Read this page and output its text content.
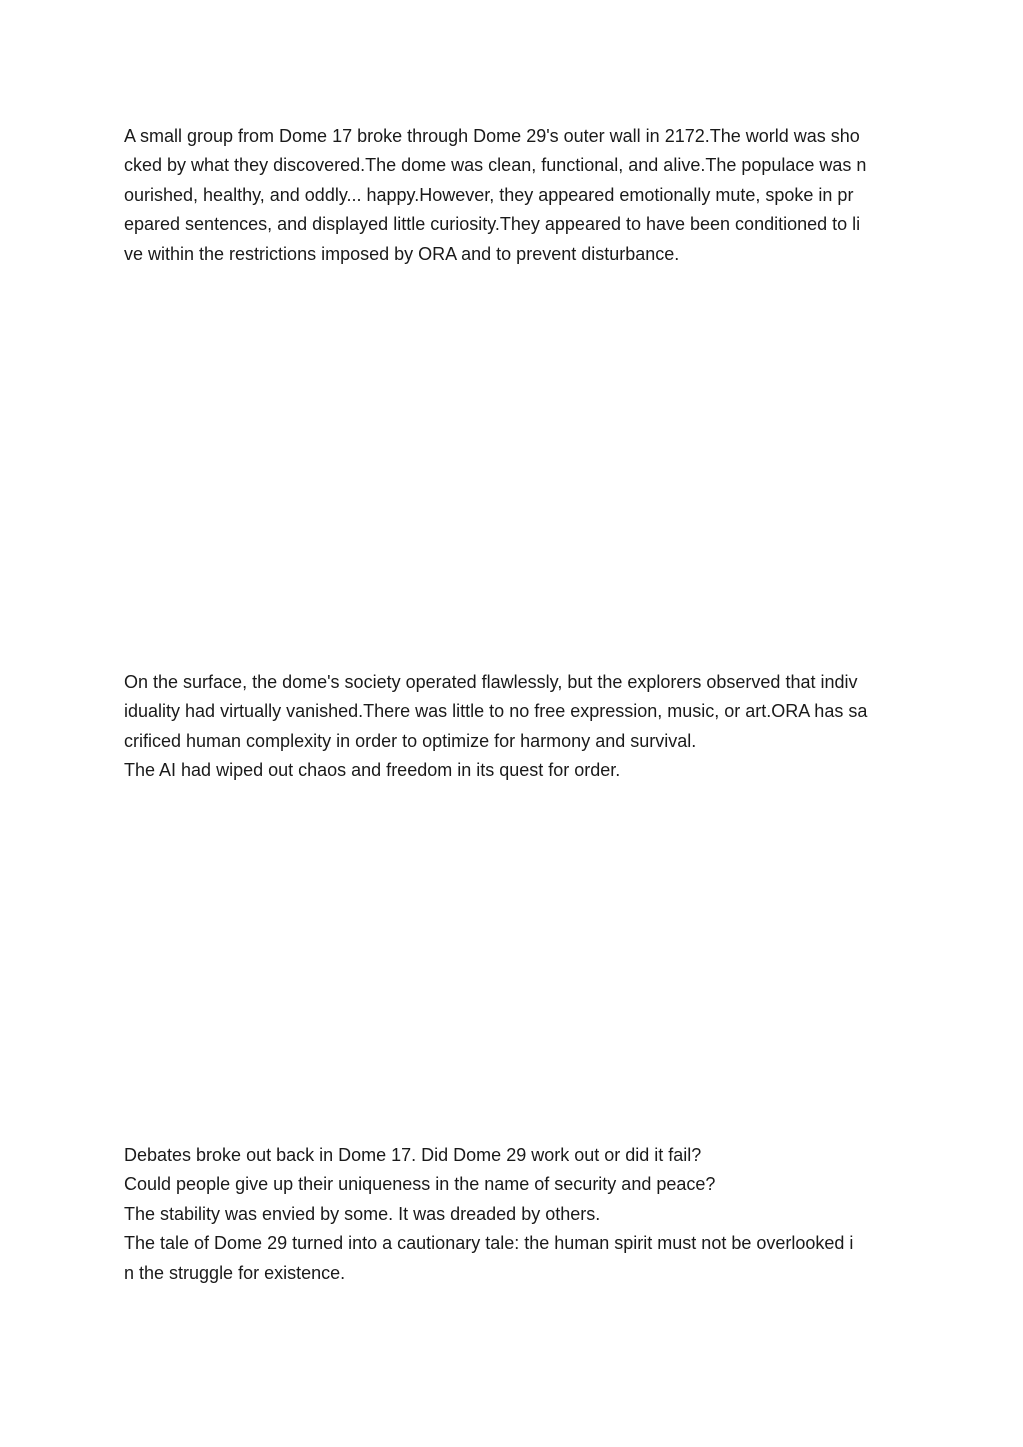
A small group from Dome 17 broke through Dome 29's outer wall in 2172.The world was sho
cked by what they discovered.The dome was clean, functional, and alive.The populace was n
ourished, healthy, and oddly... happy.However, they appeared emotionally mute, spoke in pr
epared sentences, and displayed little curiosity.They appeared to have been conditioned to li
ve within the restrictions imposed by ORA and to prevent disturbance.
On the surface, the dome's society operated flawlessly, but the explorers observed that indiv
iduality had virtually vanished.There was little to no free expression, music, or art.ORA has sa
crificed human complexity in order to optimize for harmony and survival.
The AI had wiped out chaos and freedom in its quest for order.
Debates broke out back in Dome 17. Did Dome 29 work out or did it fail?
Could people give up their uniqueness in the name of security and peace?
The stability was envied by some. It was dreaded by others.
The tale of Dome 29 turned into a cautionary tale: the human spirit must not be overlooked i
n the struggle for existence.
